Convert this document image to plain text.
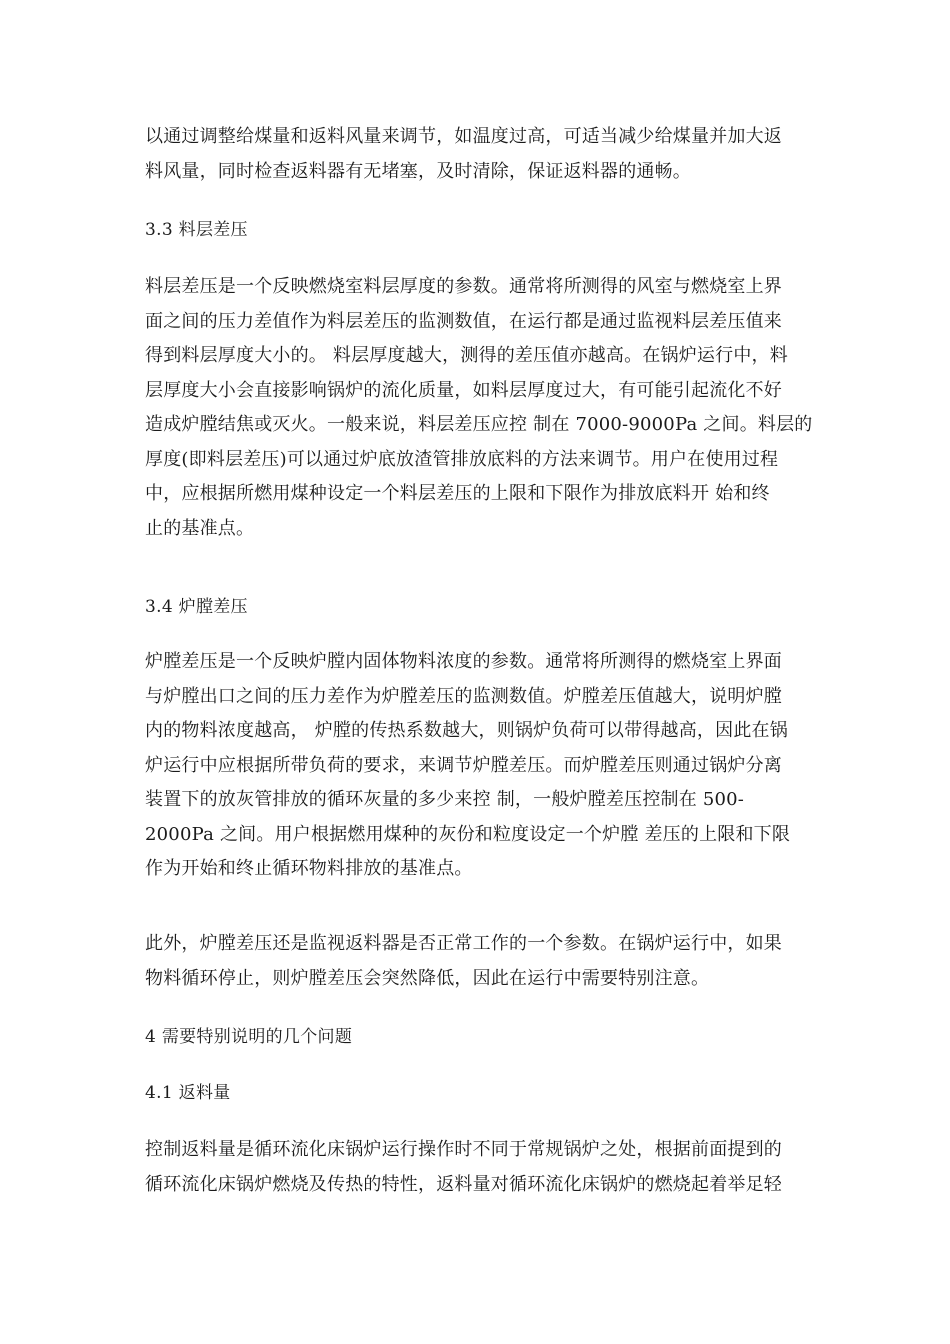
以通过调整给煤量和返料风量来调节，如温度过高，可适当减少给煤量并加大返
料风量，同时检查返料器有无堵塞，及时清除，保证返料器的通畅。
3.3 料层差压
料层差压是一个反映燃烧室料层厚度的参数。通常将所测得的风室与燃烧室上界
面之间的压力差值作为料层差压的监测数值，在运行都是通过监视料层差压值来
得到料层厚度大小的。 料层厚度越大，测得的差压值亦越高。在锅炉运行中，料
层厚度大小会直接影响锅炉的流化质量，如料层厚度过大，有可能引起流化不好
造成炉膛结焦或灭火。一般来说，料层差压应控 制在 7000-9000Pa 之间。料层的
厚度(即料层差压)可以通过炉底放渣管排放底料的方法来调节。用户在使用过程
中，应根据所燃用煤种设定一个料层差压的上限和下限作为排放底料开 始和终
止的基准点。
3.4 炉膛差压
炉膛差压是一个反映炉膛内固体物料浓度的参数。通常将所测得的燃烧室上界面
与炉膛出口之间的压力差作为炉膛差压的监测数值。炉膛差压值越大，说明炉膛
内的物料浓度越高， 炉膛的传热系数越大，则锅炉负荷可以带得越高，因此在锅
炉运行中应根据所带负荷的要求，来调节炉膛差压。而炉膛差压则通过锅炉分离
装置下的放灰管排放的循环灰量的多少来控 制，一般炉膛差压控制在 500-
2000Pa 之间。用户根据燃用煤种的灰份和粒度设定一个炉膛 差压的上限和下限
作为开始和终止循环物料排放的基准点。
此外，炉膛差压还是监视返料器是否正常工作的一个参数。在锅炉运行中，如果
物料循环停止，则炉膛差压会突然降低，因此在运行中需要特别注意。
4 需要特别说明的几个问题
4.1 返料量
控制返料量是循环流化床锅炉运行操作时不同于常规锅炉之处，根据前面提到的
循环流化床锅炉燃烧及传热的特性，返料量对循环流化床锅炉的燃烧起着举足轻
